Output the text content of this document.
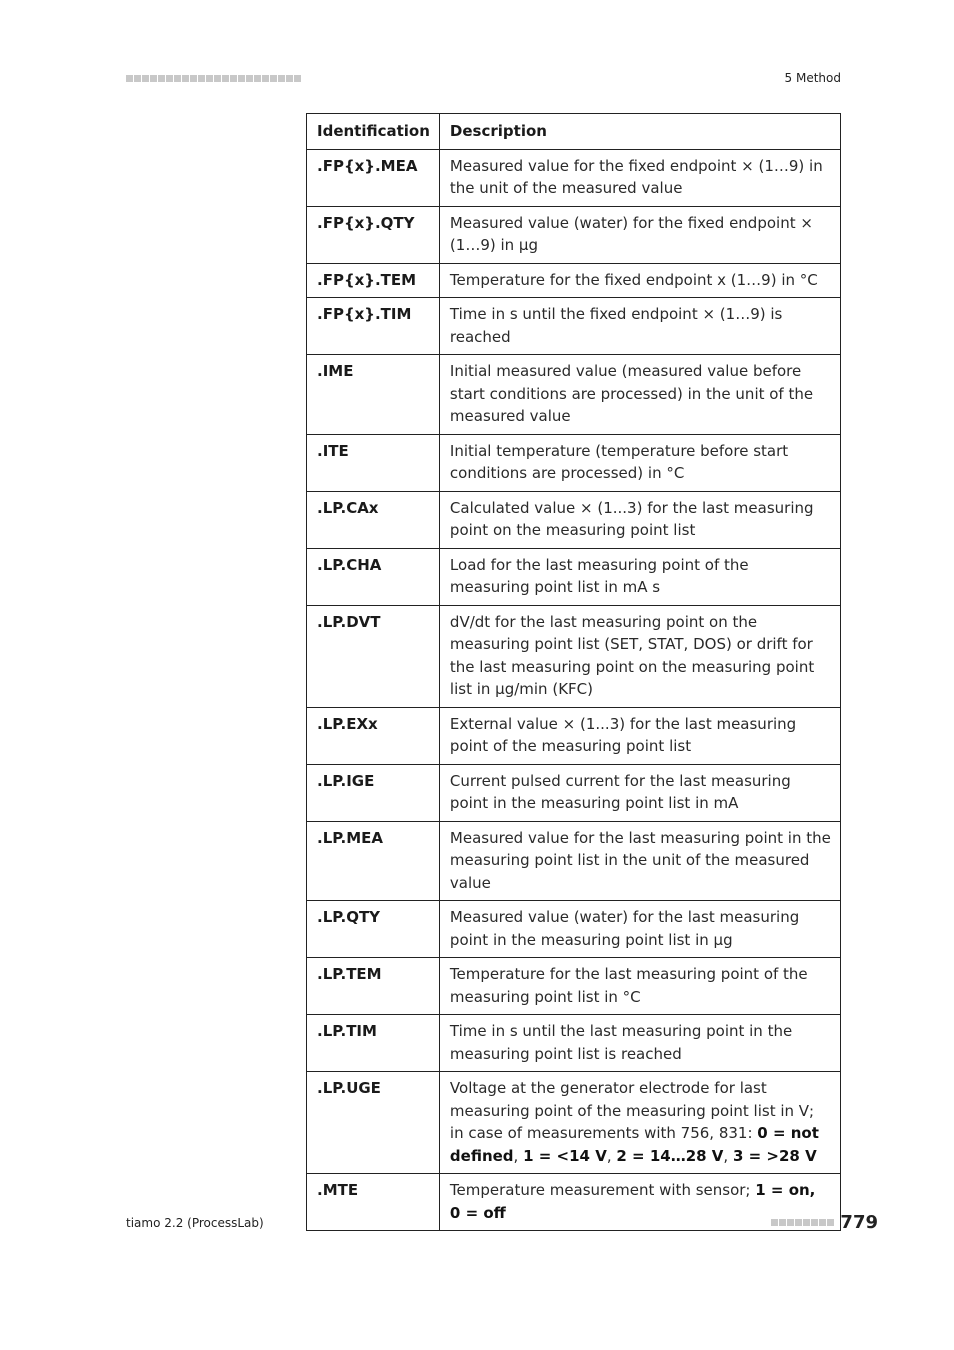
5 Method
Identification	Description
.FP{x}.MEA	Measured value for the fixed endpoint × (1…9) in the unit of the measured value
.FP{x}.QTY	Measured value (water) for the fixed endpoint × (1…9) in µg
.FP{x}.TEM	Temperature for the fixed endpoint x (1…9) in °C
.FP{x}.TIM	Time in s until the fixed endpoint × (1…9) is reached
.IME	Initial measured value (measured value before start conditions are processed) in the unit of the measured value
.ITE	Initial temperature (temperature before start conditions are processed) in °C
.LP.CAx	Calculated value × (1...3) for the last measuring point on the measuring point list
.LP.CHA	Load for the last measuring point of the measuring point list in mA s
.LP.DVT	dV/dt for the last measuring point on the measuring point list (SET, STAT, DOS) or drift for the last measuring point on the measuring point list in µg/min (KFC)
.LP.EXx	External value × (1...3) for the last measuring point of the measuring point list
.LP.IGE	Current pulsed current for the last measuring point in the measuring point list in mA
.LP.MEA	Measured value for the last measuring point in the measuring point list in the unit of the measured value
.LP.QTY	Measured value (water) for the last measuring point in the measuring point list in µg
.LP.TEM	Temperature for the last measuring point of the measuring point list in °C
.LP.TIM	Time in s until the last measuring point in the measuring point list is reached
.LP.UGE	Voltage at the generator electrode for last measuring point of the measuring point list in V; in case of measurements with 756, 831: 0 = not defined, 1 = <14 V, 2 = 14…28 V, 3 = >28 V
.MTE	Temperature measurement with sensor; 1 = on, 0 = off
tiamo 2.2 (ProcessLab)	779
